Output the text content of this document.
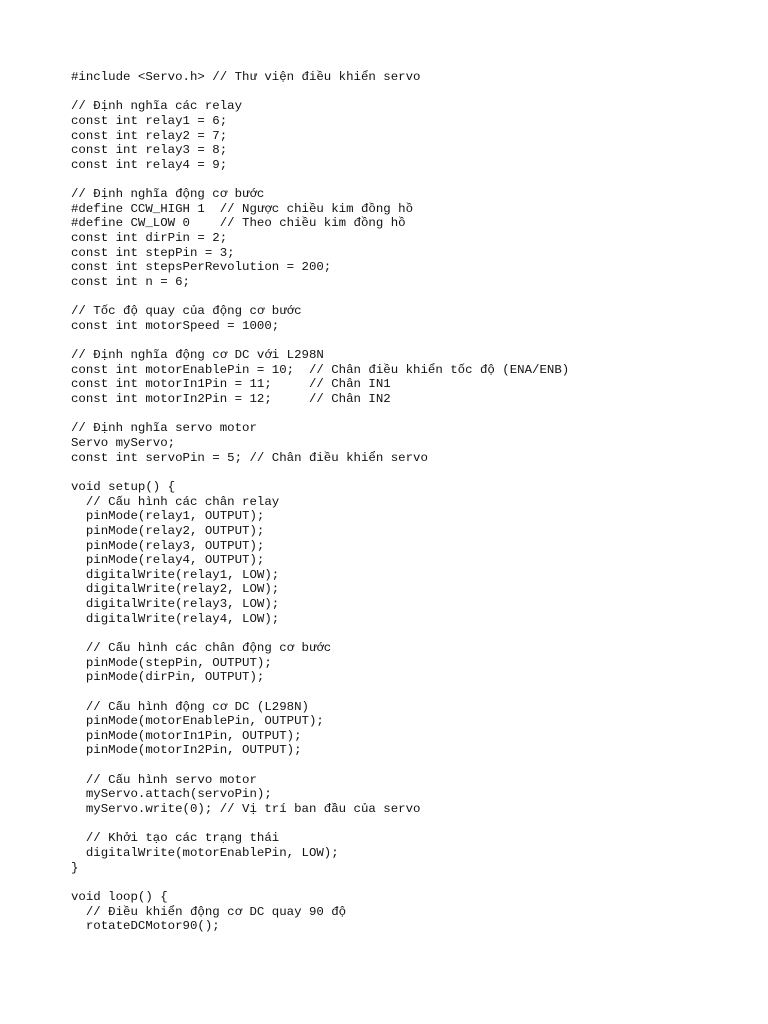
#include <Servo.h> // Thư viện điều khiển servo
// Định nghĩa các relay
const int relay1 = 6;
const int relay2 = 7;
const int relay3 = 8;
const int relay4 = 9;
// Định nghĩa động cơ bước
#define CCW_HIGH 1  // Ngược chiều kim đồng hồ
#define CW_LOW 0    // Theo chiều kim đồng hồ
const int dirPin = 2;
const int stepPin = 3;
const int stepsPerRevolution = 200;
const int n = 6;
// Tốc độ quay của động cơ bước
const int motorSpeed = 1000;
// Định nghĩa động cơ DC với L298N
const int motorEnablePin = 10;  // Chân điều khiển tốc độ (ENA/ENB)
const int motorIn1Pin = 11;     // Chân IN1
const int motorIn2Pin = 12;     // Chân IN2
// Định nghĩa servo motor
Servo myServo;
const int servoPin = 5; // Chân điều khiển servo
void setup() {
// Cấu hình các chân relay
pinMode(relay1, OUTPUT);
pinMode(relay2, OUTPUT);
pinMode(relay3, OUTPUT);
pinMode(relay4, OUTPUT);
digitalWrite(relay1, LOW);
digitalWrite(relay2, LOW);
digitalWrite(relay3, LOW);
digitalWrite(relay4, LOW);
// Cấu hình các chân động cơ bước
pinMode(stepPin, OUTPUT);
pinMode(dirPin, OUTPUT);
// Cấu hình động cơ DC (L298N)
pinMode(motorEnablePin, OUTPUT);
pinMode(motorIn1Pin, OUTPUT);
pinMode(motorIn2Pin, OUTPUT);
// Cấu hình servo motor
myServo.attach(servoPin);
myServo.write(0); // Vị trí ban đầu của servo
// Khởi tạo các trạng thái
digitalWrite(motorEnablePin, LOW);
}
void loop() {
// Điều khiển động cơ DC quay 90 độ
rotateDCMotor90();
